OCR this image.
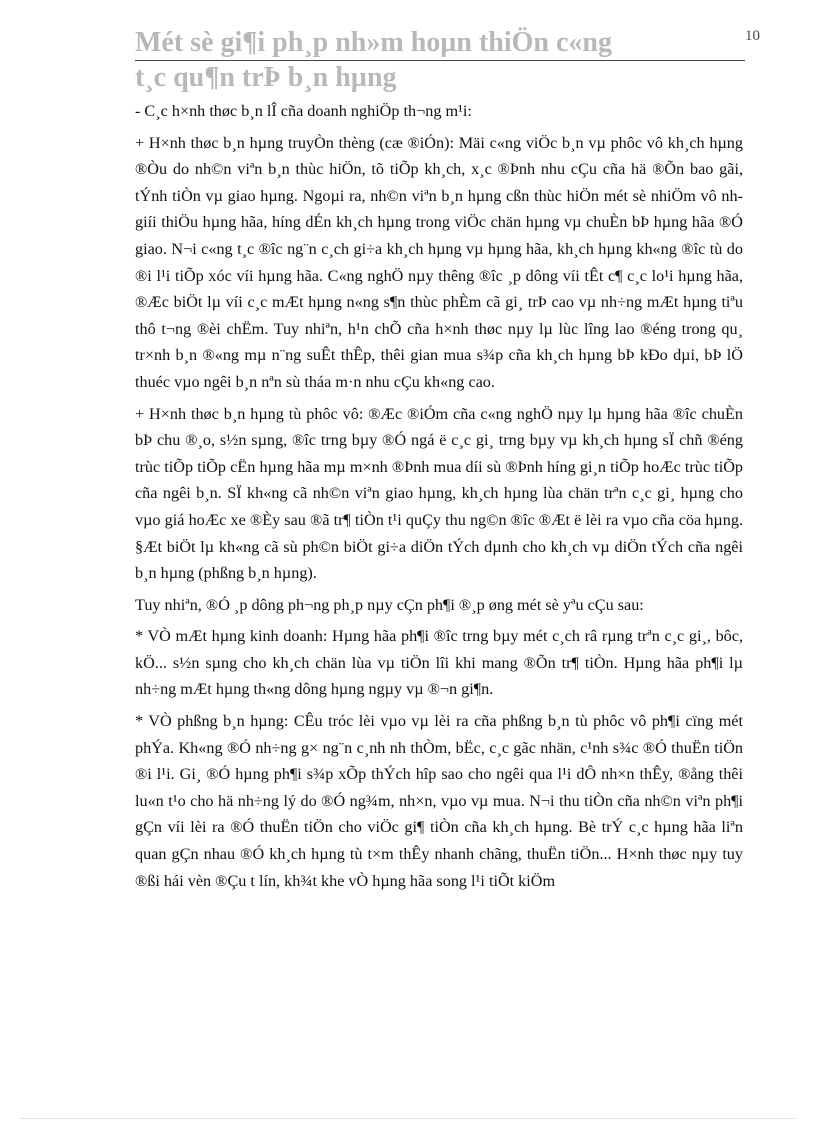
10
Mét sè gi¶i ph¸p nh»m hoµn thiÖn c«ng
t¸c qu¶n trÞ b¸n hµng

- C¸c h×nh thøc b¸n lÎ cña doanh nghiÖp th¬ng m¹i:

+ H×nh thøc b¸n hµng truyÒn thèng (cæ ®iÓn): Mäi c«ng viÖc b¸n vµ phôc vô kh¸ch hµng ®Òu do nh©n viªn b¸n thùc hiÖn, tõ tiÕp kh¸ch, x¸c ®Þnh nhu cÇu cña hä ®Õn bao gãi, tÝnh tiÒn vµ giao hµng. Ngoµi ra, nh©n viªn b¸n hµng cßn thùc hiÖn mét sè nhiÖm vô nh giíi thiÖu hµng hãa, híng dÉn kh¸ch hµng trong viÖc chän hµng vµ chuÈn bÞ hµng hãa ®Ó giao. N¬i c«ng t¸c ®îc ng¨n c¸ch gi÷a kh¸ch hµng vµ hµng hãa, kh¸ch hµng kh«ng ®îc tù do ®i l¹i tiÕp xóc víi hµng hãa. C«ng nghÖ nµy thêng ®îc ¸p dông víi tÊt c¶ c¸c lo¹i hµng hãa, ®Æc biÖt lµ víi c¸c mÆt hµng n«ng s¶n thùc phÈm cã gi¸ trÞ cao vµ nh÷ng mÆt hµng tiªu thô t¬ng ®èi chËm. Tuy nhiªn, h¹n chÕ cña h×nh thøc nµy lµ lùc lîng lao ®éng trong qu¸ tr×nh b¸n ®«ng mµ n¨ng suÊt thÊp, thêi gian mua s¾p cña kh¸ch hµng bÞ kÐo dµi, bÞ lÖ thuéc vµo ngêi b¸n nªn sù tháa m·n nhu cÇu kh«ng cao.

+ H×nh thøc b¸n hµng tù phôc vô: ®Æc ®iÓm cña c«ng nghÖ nµy lµ hµng hãa ®îc chuÈn bÞ chu ®¸o, s½n sµng, ®îc trng bµy ®Ó ngá ë c¸c gi¸ trng bµy vµ kh¸ch hµng sÏ chñ ®éng trùc tiÕp tiÕp cËn hµng hãa mµ m×nh ®Þnh mua díi sù ®Þnh híng gi¸n tiÕp hoÆc trùc tiÕp cña ngêi b¸n. SÏ kh«ng cã nh©n viªn giao hµng, kh¸ch hµng lùa chän trªn c¸c gi¸ hµng cho vµo giá hoÆc xe ®Èy sau ®ã tr¶ tiÒn t¹i quÇy thu ng©n ®îc ®Æt ë lèi ra vµo cña cöa hµng. §Æt biÖt lµ kh«ng cã sù ph©n biÖt gi÷a diÖn tÝch dµnh cho kh¸ch vµ diÖn tÝch cña ngêi b¸n hµng (phßng b¸n hµng).

Tuy nhiªn, ®Ó ¸p dông ph¬ng ph¸p nµy cÇn ph¶i ®¸p øng mét sè yªu cÇu sau:

* VÒ mÆt hµng kinh doanh: Hµng hãa ph¶i ®îc trng bµy mét c¸ch râ rµng trªn c¸c gi¸, bôc, kÖ... s½n sµng cho kh¸ch chän lùa vµ tiÖn lîi khi mang ®Õn tr¶ tiÒn. Hµng hãa ph¶i lµ nh÷ng mÆt hµng th«ng dông hµng ngµy vµ ®¬n gi¶n.

* VÒ phßng b¸n hµng: CÊu tróc lèi vµo vµ lèi ra cña phßng b¸n tù phôc vô ph¶i cïng mét phÝa. Kh«ng ®Ó nh÷ng g× ng¨n c¸nh nh thÒm, bËc, c¸c gãc nhän, c¹nh s¾c ®Ó thuËn tiÖn ®i l¹i. Gi¸ ®Ó hµng ph¶i s¾p xÕp thÝch hîp sao cho ngêi qua l¹i dÔ nh×n thÊy, ®ång thêi lu«n t¹o cho hä nh÷ng lý do ®Ó ng¾m, nh×n, vµo vµ mua. N¬i thu tiÒn cña nh©n viªn ph¶i gÇn víi lèi ra ®Ó thuËn tiÖn cho viÖc gi¶ tiÒn cña kh¸ch hµng. Bè trÝ c¸c hµng hãa liªn quan gÇn nhau ®Ó kh¸ch hµng tù t×m thÊy nhanh chãng, thuËn tiÖn... H×nh thøc nµy tuy ®ßi hái vèn ®Çu t lín, kh¾t khe vÒ hµng hãa song l¹i tiÕt kiÖm
